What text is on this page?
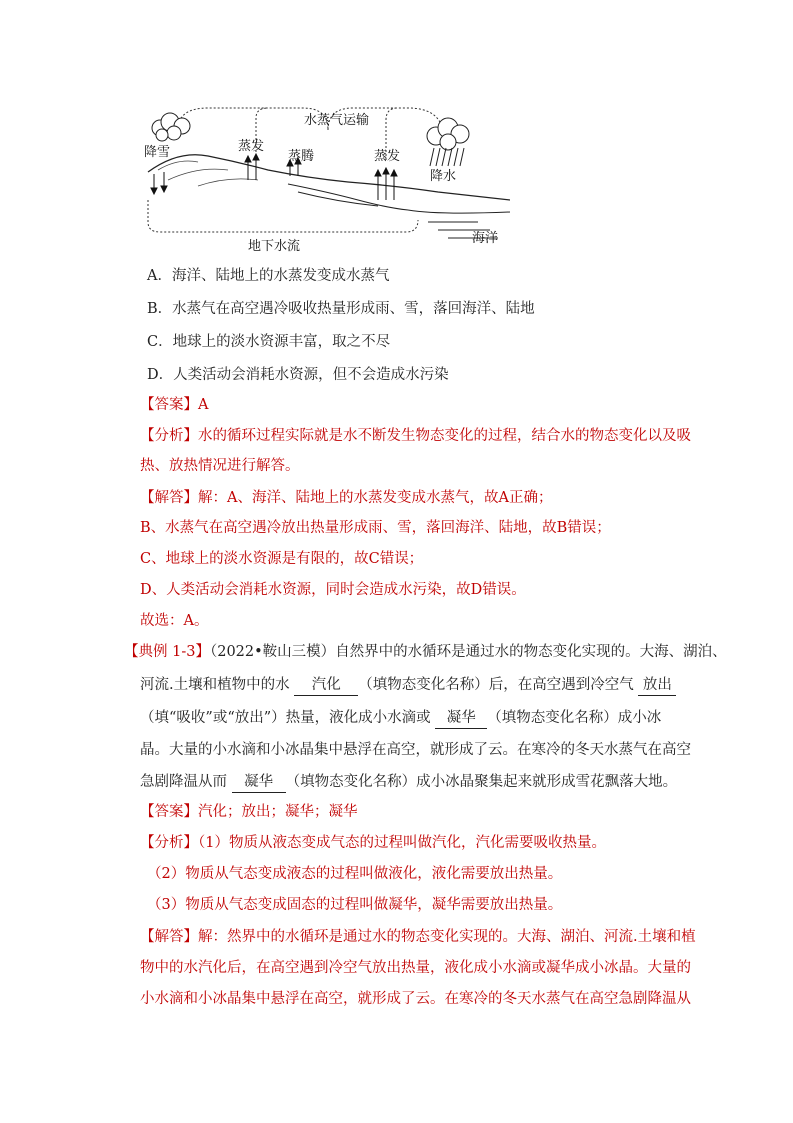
水蒸气运输
降雪	蒸发
蒸腾	蒸发
降水
地下水流
海洋
A．海洋、陆地上的水蒸发变成水蒸气
B．水蒸气在高空遇冷吸收热量形成雨、雪，落回海洋、陆地
C．地球上的淡水资源丰富，取之不尽
D．人类活动会消耗水资源，但不会造成水污染
【答案】A
【分析】水的循环过程实际就是水不断发生物态变化的过程，结合水的物态变化以及吸
热、放热情况进行解答。
【解答】解：A、海洋、陆地上的水蒸发变成水蒸气，故A正确；
B、水蒸气在高空遇冷放出热量形成雨、雪，落回海洋、陆地，故B错误；
C、地球上的淡水资源是有限的，故C错误；
D、人类活动会消耗水资源，同时会造成水污染，故D错误。
故选：A。
【典例 1-3】（2022•鞍山三模）自然界中的水循环是通过水的物态变化实现的。大海、湖泊、
河流.土壤和植物中的水 汽化 （填物态变化名称）后，在高空遇到冷空气 放出
（填“吸收”或“放出”）热量，液化成小水滴或 凝华 （填物态变化名称）成小冰
晶。大量的小水滴和小冰晶集中悬浮在高空，就形成了云。在寒冷的冬天水蒸气在高空
急剧降温从而 凝华 （填物态变化名称）成小冰晶聚集起来就形成雪花飘落大地。
【答案】汽化；放出；凝华；凝华
【分析】（1）物质从液态变成气态的过程叫做汽化，汽化需要吸收热量。
（2）物质从气态变成液态的过程叫做液化，液化需要放出热量。
（3）物质从气态变成固态的过程叫做凝华，凝华需要放出热量。
【解答】解：然界中的水循环是通过水的物态变化实现的。大海、湖泊、河流.土壤和植
物中的水汽化后，在高空遇到冷空气放出热量，液化成小水滴或凝华成小冰晶。大量的
小水滴和小冰晶集中悬浮在高空，就形成了云。在寒冷的冬天水蒸气在高空急剧降温从
